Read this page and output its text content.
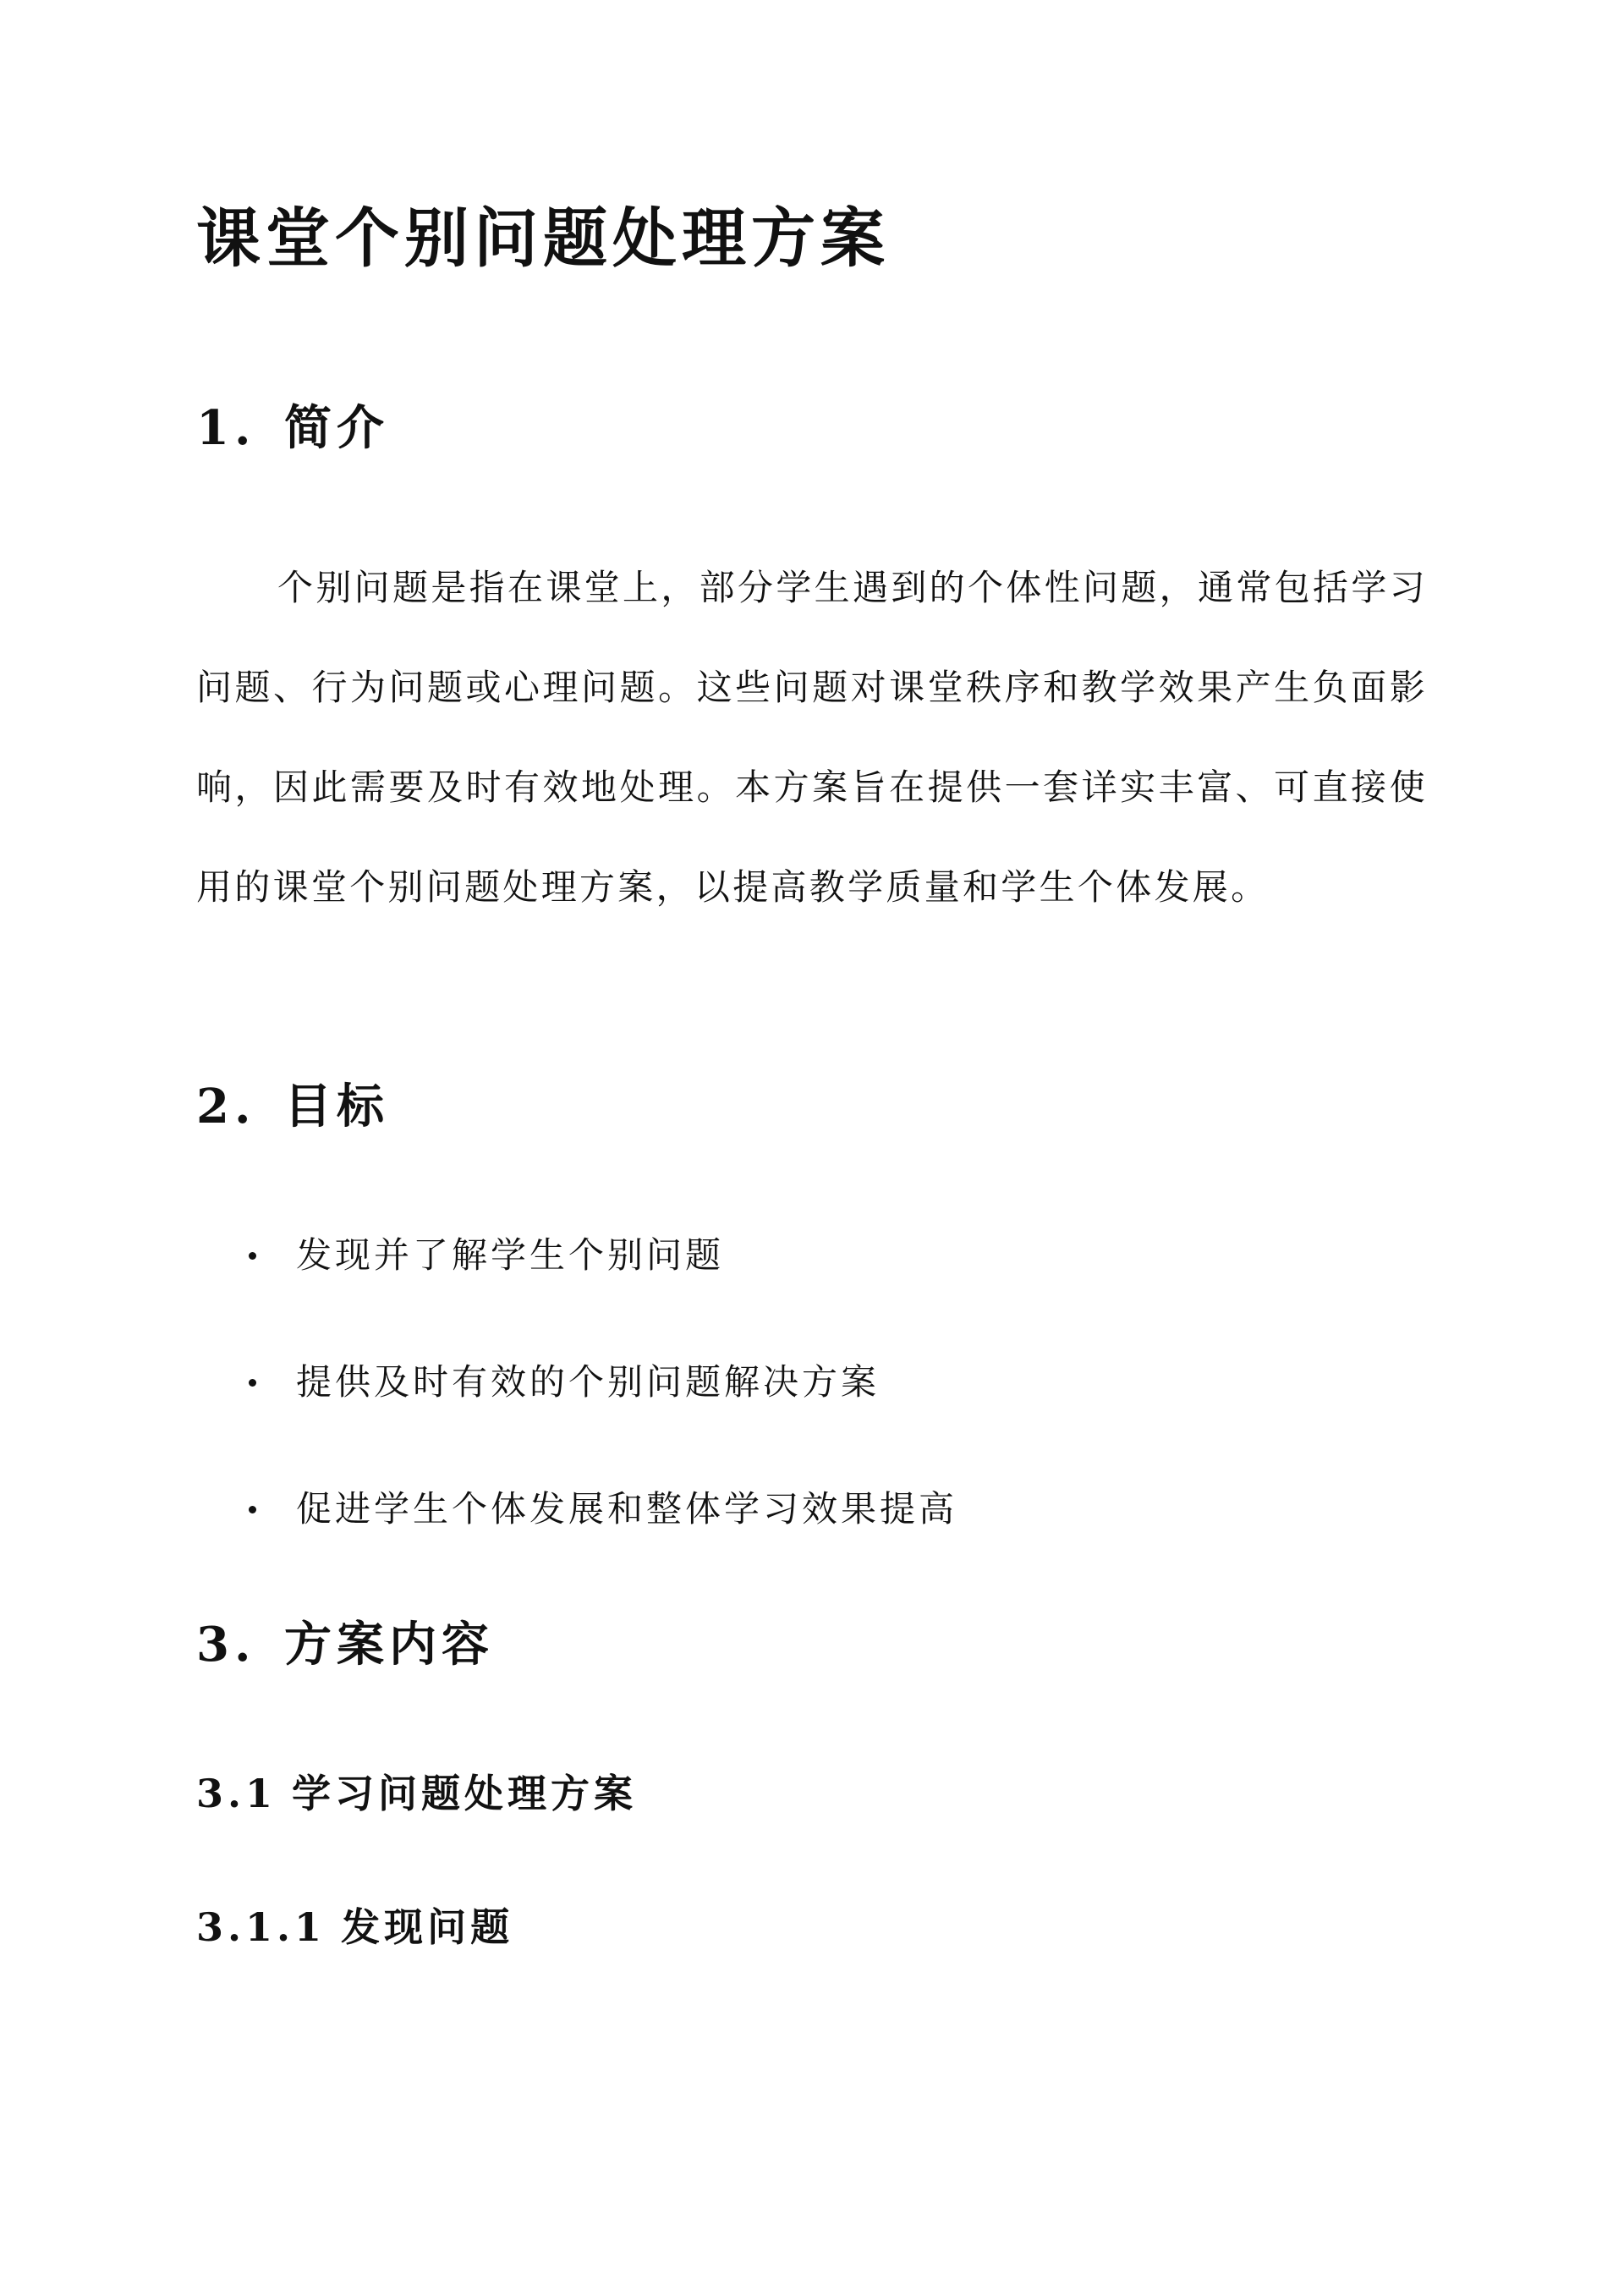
课堂个别问题处理方案
1. 简介

个别问题是指在课堂上，部分学生遇到的个体性问题，通常包括学习问题、行为问题或心理问题。这些问题对课堂秩序和教学效果产生负面影响，因此需要及时有效地处理。本方案旨在提供一套详实丰富、可直接使用的课堂个别问题处理方案，以提高教学质量和学生个体发展。

2. 目标
发现并了解学生个别问题
提供及时有效的个别问题解决方案
促进学生个体发展和整体学习效果提高
3. 方案内容
3.1 学习问题处理方案
3.1.1 发现问题
